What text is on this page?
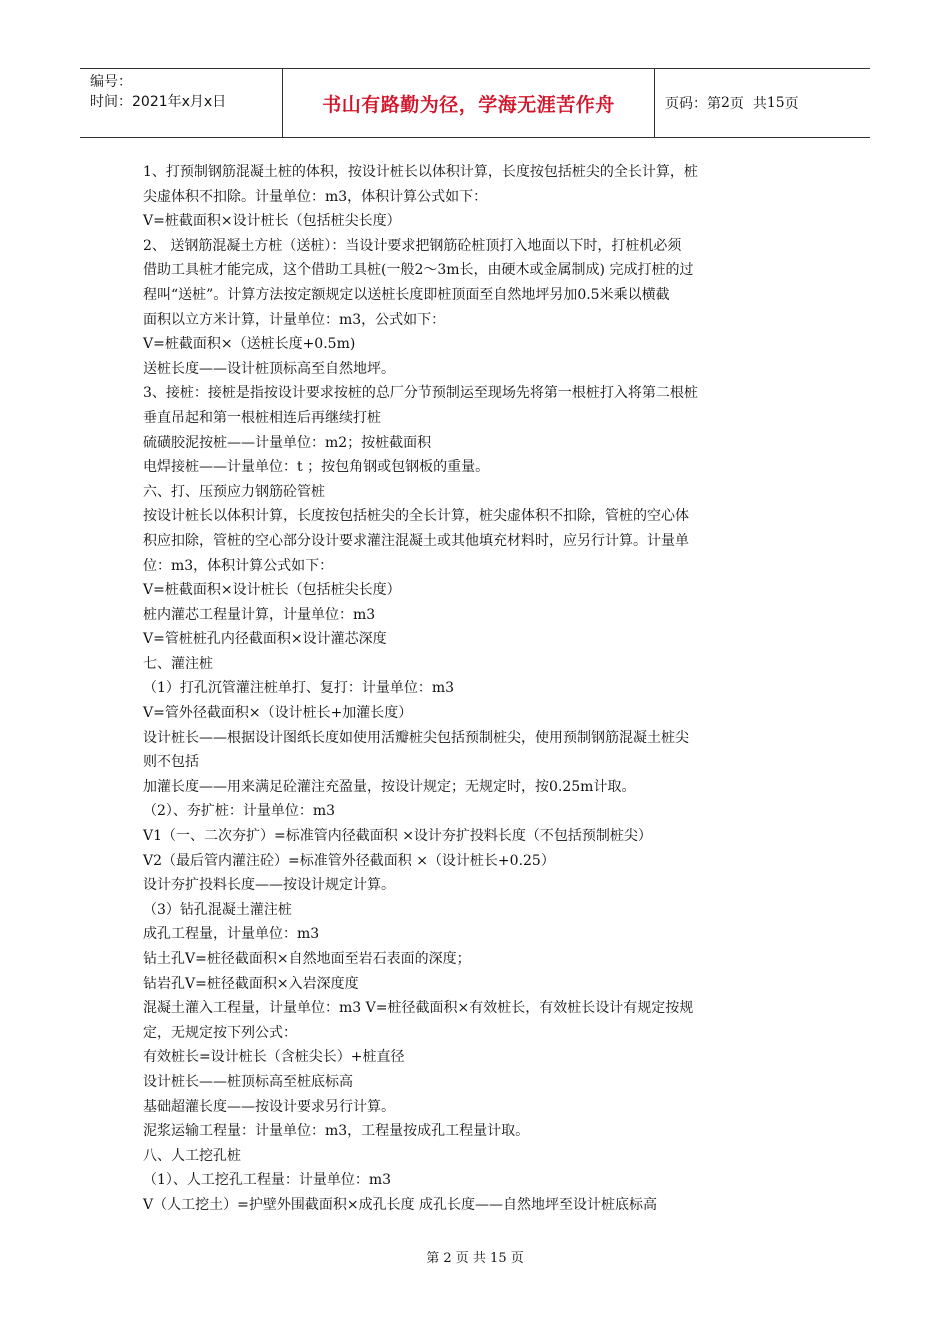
编号：
时间：2021年x月x日	书山有路勤为径，学海无涯苦作舟	页码：第 2 页  共 15 页

1、打预制钢筋混凝土桩的体积，按设计桩长以体积计算，长度按包括桩尖的全长计算，桩

尖虚体积不扣除。计量单位：m3，体积计算公式如下：

V=桩截面积×设计桩长（包括桩尖长度）

2、 送钢筋混凝土方桩（送桩）：当设计要求把钢筋砼桩顶打入地面以下时，打桩机必须

借助工具桩才能完成，这个借助工具桩(一般2～3m长，由硬木或金属制成) 完成打桩的过

程叫“送桩”。计算方法按定额规定以送桩长度即桩顶面至自然地坪另加0.5米乘以横截

面积以立方米计算，计量单位：m3，公式如下：

V=桩截面积×（送桩长度+0.5m)

送桩长度——设计桩顶标高至自然地坪。

3、接桩：接桩是指按设计要求按桩的总厂分节预制运至现场先将第一根桩打入将第二根桩

垂直吊起和第一根桩相连后再继续打桩

硫磺胶泥按桩——计量单位：m2；按桩截面积

电焊接桩——计量单位：t ；按包角钢或包钢板的重量。

六、打、压预应力钢筋砼管桩

按设计桩长以体积计算，长度按包括桩尖的全长计算，桩尖虚体积不扣除，管桩的空心体

积应扣除，管桩的空心部分设计要求灌注混凝土或其他填充材料时，应另行计算。计量单

位：m3，体积计算公式如下：

V=桩截面积×设计桩长（包括桩尖长度）

桩内灌芯工程量计算，计量单位：m3

V=管桩桩孔内径截面积×设计灌芯深度

七、灌注桩

（1）打孔沉管灌注桩单打、复打：计量单位：m3

V=管外径截面积×（设计桩长+加灌长度）

设计桩长——根据设计图纸长度如使用活瓣桩尖包括预制桩尖，使用预制钢筋混凝土桩尖

则不包括

加灌长度——用来满足砼灌注充盈量，按设计规定；无规定时，按0.25m计取。

（2）、夯扩桩：计量单位：m3

V1（一、二次夯扩）=标准管内径截面积 ×设计夯扩投料长度（不包括预制桩尖）

V2（最后管内灌注砼）=标准管外径截面积 ×（设计桩长+0.25）

设计夯扩投料长度——按设计规定计算。

（3）钻孔混凝土灌注桩

成孔工程量，计量单位：m3

钻土孔V=桩径截面积×自然地面至岩石表面的深度；

钻岩孔V=桩径截面积×入岩深度度

混凝土灌入工程量，计量单位：m3 V=桩径截面积×有效桩长，有效桩长设计有规定按规

定，无规定按下列公式：

有效桩长=设计桩长（含桩尖长）+桩直径

设计桩长——桩顶标高至桩底标高

基础超灌长度——按设计要求另行计算。

泥浆运输工程量：计量单位：m3，工程量按成孔工程量计取。

八、人工挖孔桩

（1）、人工挖孔工程量：计量单位：m3

V（人工挖土）=护壁外围截面积×成孔长度 成孔长度——自然地坪至设计桩底标高

第 2 页 共 15 页
